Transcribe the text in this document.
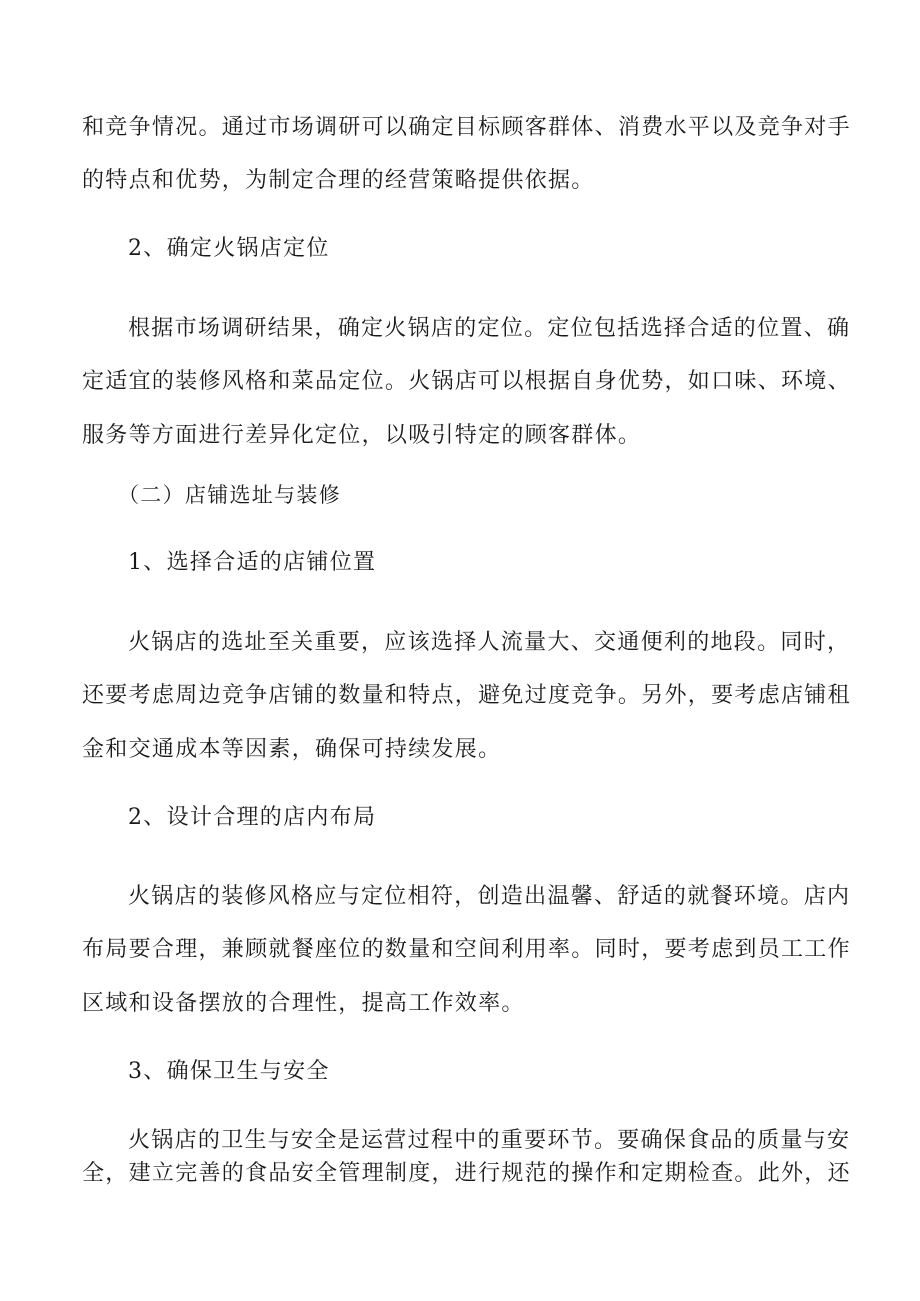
和竞争情况。通过市场调研可以确定目标顾客群体、消费水平以及竞争对手
的特点和优势，为制定合理的经营策略提供依据。
2、确定火锅店定位
根据市场调研结果，确定火锅店的定位。定位包括选择合适的位置、确
定适宜的装修风格和菜品定位。火锅店可以根据自身优势，如口味、环境、
服务等方面进行差异化定位，以吸引特定的顾客群体。
（二）店铺选址与装修
1、选择合适的店铺位置
火锅店的选址至关重要，应该选择人流量大、交通便利的地段。同时，
还要考虑周边竞争店铺的数量和特点，避免过度竞争。另外，要考虑店铺租
金和交通成本等因素，确保可持续发展。
2、设计合理的店内布局
火锅店的装修风格应与定位相符，创造出温馨、舒适的就餐环境。店内
布局要合理，兼顾就餐座位的数量和空间利用率。同时，要考虑到员工工作
区域和设备摆放的合理性，提高工作效率。
3、确保卫生与安全
火锅店的卫生与安全是运营过程中的重要环节。要确保食品的质量与安
全，建立完善的食品安全管理制度，进行规范的操作和定期检查。此外，还
